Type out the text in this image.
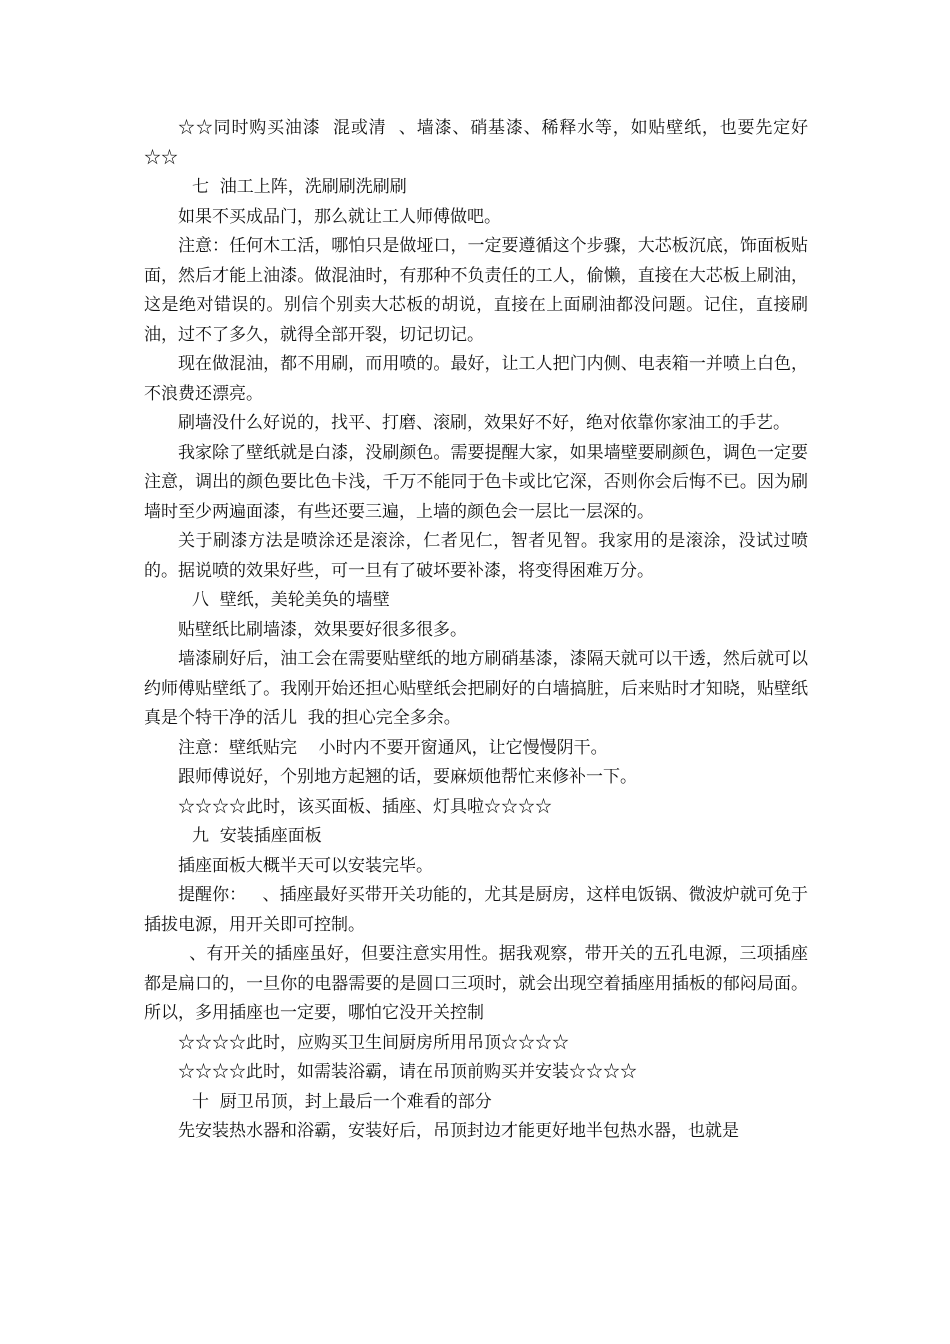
☆☆同时购买油漆  混或清  、墙漆、硝基漆、稀释水等，如贴壁纸，也要先定好☆☆

七  油工上阵，洗刷刷洗刷刷

如果不买成品门，那么就让工人师傅做吧。

注意：任何木工活，哪怕只是做垭口，一定要遵循这个步骤，大芯板沉底，饰面板贴面，然后才能上油漆。做混油时，有那种不负责任的工人，偷懒，直接在大芯板上刷油，这是绝对错误的。别信个别卖大芯板的胡说，直接在上面刷油都没问题。记住，直接刷油，过不了多久，就得全部开裂，切记切记。

现在做混油，都不用刷，而用喷的。最好，让工人把门内侧、电表箱一并喷上白色，不浪费还漂亮。

刷墙没什么好说的，找平、打磨、滚刷，效果好不好，绝对依靠你家油工的手艺。

我家除了壁纸就是白漆，没刷颜色。需要提醒大家，如果墙壁要刷颜色，调色一定要注意，调出的颜色要比色卡浅，千万不能同于色卡或比它深，否则你会后悔不已。因为刷墙时至少两遍面漆，有些还要三遍，上墙的颜色会一层比一层深的。

关于刷漆方法是喷涂还是滚涂，仁者见仁，智者见智。我家用的是滚涂，没试过喷的。据说喷的效果好些，可一旦有了破坏要补漆，将变得困难万分。

八  壁纸，美轮美奂的墙壁

贴壁纸比刷墙漆，效果要好很多很多。

墙漆刷好后，油工会在需要贴壁纸的地方刷硝基漆，漆隔天就可以干透，然后就可以约师傅贴壁纸了。我刚开始还担心贴壁纸会把刷好的白墙搞脏，后来贴时才知晓，贴壁纸真是个特干净的活儿  我的担心完全多余。

注意：壁纸贴完    小时内不要开窗通风，让它慢慢阴干。

跟师傅说好，个别地方起翘的话，要麻烦他帮忙来修补一下。

☆☆☆☆此时，该买面板、插座、灯具啦☆☆☆☆

九  安装插座面板

插座面板大概半天可以安装完毕。

提醒你：   、插座最好买带开关功能的，尤其是厨房，这样电饭锅、微波炉就可免于插拔电源，用开关即可控制。

、有开关的插座虽好，但要注意实用性。据我观察，带开关的五孔电源，三项插座都是扁口的，一旦你的电器需要的是圆口三项时，就会出现空着插座用插板的郁闷局面。所以，多用插座也一定要，哪怕它没开关控制

☆☆☆☆此时，应购买卫生间厨房所用吊顶☆☆☆☆

☆☆☆☆此时，如需装浴霸，请在吊顶前购买并安装☆☆☆☆

十  厨卫吊顶，封上最后一个难看的部分

先安装热水器和浴霸，安装好后，吊顶封边才能更好地半包热水器，也就是
